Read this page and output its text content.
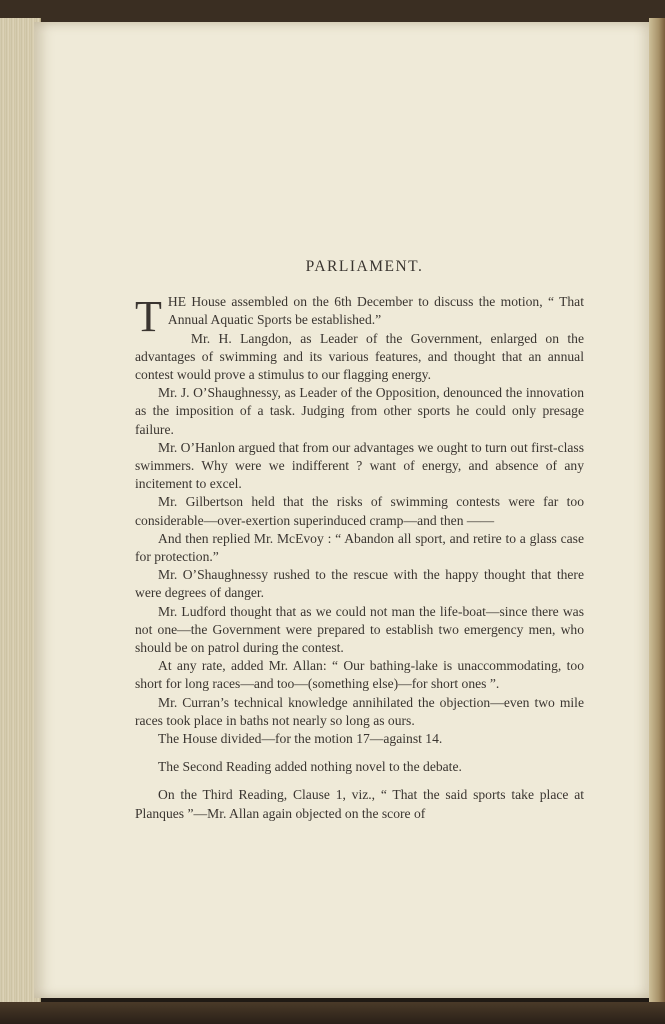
PARLIAMENT.

THE House assembled on the 6th December to discuss the motion, “ That Annual Aquatic Sports be established.”

Mr. H. Langdon, as Leader of the Government, enlarged on the advantages of swimming and its various features, and thought that an annual contest would prove a stimulus to our flagging energy.

Mr. J. O’Shaughnessy, as Leader of the Opposition, denounced the innovation as the imposition of a task. Judging from other sports he could only presage failure.

Mr. O’Hanlon argued that from our advantages we ought to turn out first-class swimmers. Why were we indifferent ? want of energy, and absence of any incitement to excel.

Mr. Gilbertson held that the risks of swimming contests were far too considerable—over-exertion superinduced cramp—and then ——

And then replied Mr. McEvoy : “ Abandon all sport, and retire to a glass case for protection.”

Mr. O’Shaughnessy rushed to the rescue with the happy thought that there were degrees of danger.

Mr. Ludford thought that as we could not man the life-boat—since there was not one—the Government were prepared to establish two emergency men, who should be on patrol during the contest.

At any rate, added Mr. Allan: “ Our bathing-lake is unaccommodating, too short for long races—and too—(something else)—for short ones ”.

Mr. Curran’s technical knowledge annihilated the objection—even two mile races took place in baths not nearly so long as ours.

The House divided—for the motion 17—against 14.

The Second Reading added nothing novel to the debate.

On the Third Reading, Clause 1, viz., “ That the said sports take place at Planques ”—Mr. Allan again objected on the score of
